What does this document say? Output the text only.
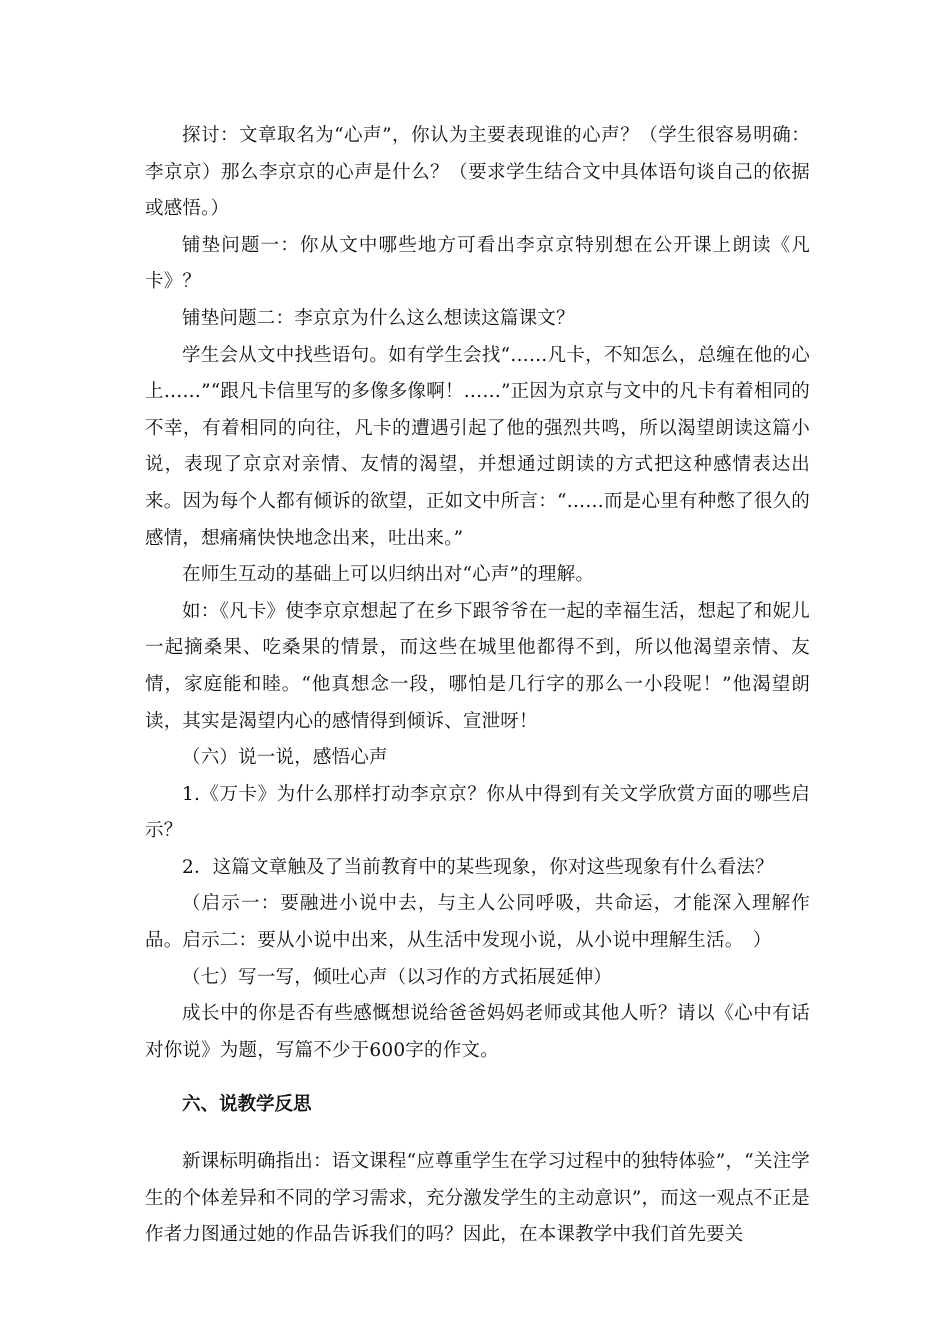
探讨：文章取名为“心声”，你认为主要表现谁的心声？（学生很容易明确：李京京）那么李京京的心声是什么？（要求学生结合文中具体语句谈自己的依据或感悟。）

铺垫问题一：你从文中哪些地方可看出李京京特别想在公开课上朗读《凡卡》？

铺垫问题二：李京京为什么这么想读这篇课文？

学生会从文中找些语句。如有学生会找“……凡卡，不知怎么，总缠在他的心上……”“跟凡卡信里写的多像多像啊！……”正因为京京与文中的凡卡有着相同的不幸，有着相同的向往，凡卡的遭遇引起了他的强烈共鸣，所以渴望朗读这篇小说，表现了京京对亲情、友情的渴望，并想通过朗读的方式把这种感情表达出来。因为每个人都有倾诉的欲望，正如文中所言：“……而是心里有种憋了很久的感情，想痛痛快快地念出来，吐出来。”

在师生互动的基础上可以归纳出对“心声”的理解。

如：《凡卡》使李京京想起了在乡下跟爷爷在一起的幸福生活，想起了和妮儿一起摘桑果、吃桑果的情景，而这些在城里他都得不到，所以他渴望亲情、友情，家庭能和睦。“他真想念一段，哪怕是几行字的那么一小段呢！”他渴望朗读，其实是渴望内心的感情得到倾诉、宣泄呀！

（六）说一说，感悟心声

1.《万卡》为什么那样打动李京京？你从中得到有关文学欣赏方面的哪些启示？

2．这篇文章触及了当前教育中的某些现象，你对这些现象有什么看法？

（启示一：要融进小说中去，与主人公同呼吸，共命运，才能深入理解作品。启示二：要从小说中出来，从生活中发现小说，从小说中理解生活。　）

（七）写一写，倾吐心声（以习作的方式拓展延伸）

成长中的你是否有些感慨想说给爸爸妈妈老师或其他人听？请以《心中有话对你说》为题，写篇不少于600字的作文。

六、说教学反思

新课标明确指出：语文课程“应尊重学生在学习过程中的独特体验”，“关注学生的个体差异和不同的学习需求，充分激发学生的主动意识”，而这一观点不正是作者力图通过她的作品告诉我们的吗？因此，在本课教学中我们首先要关
